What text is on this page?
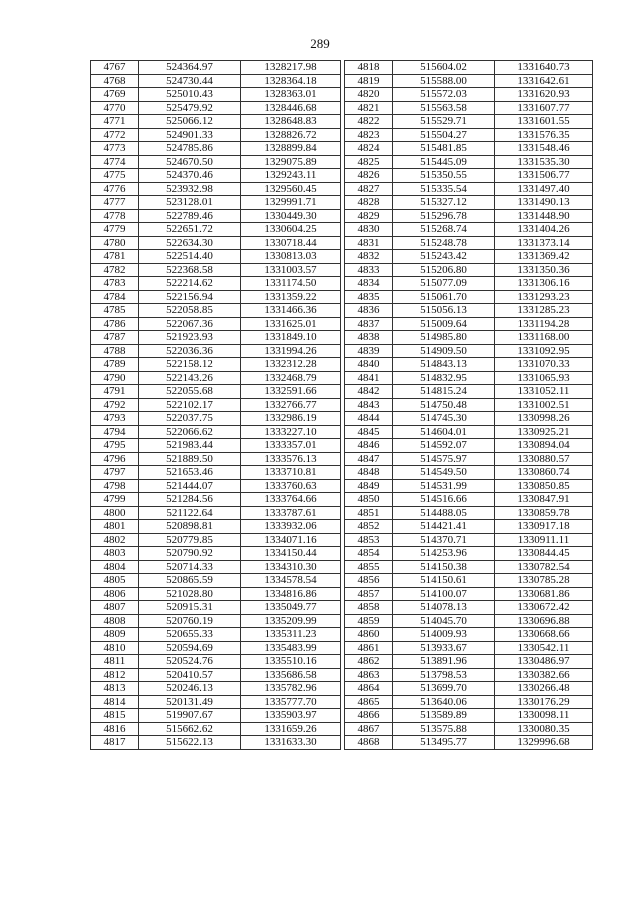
289
4767	524364.97	1328217.98
4768	524730.44	1328364.18
4769	525010.43	1328363.01
4770	525479.92	1328446.68
4771	525066.12	1328648.83
4772	524901.33	1328826.72
4773	524785.86	1328899.84
4774	524670.50	1329075.89
4775	524370.46	1329243.11
4776	523932.98	1329560.45
4777	523128.01	1329991.71
4778	522789.46	1330449.30
4779	522651.72	1330604.25
4780	522634.30	1330718.44
4781	522514.40	1330813.03
4782	522368.58	1331003.57
4783	522214.62	1331174.50
4784	522156.94	1331359.22
4785	522058.85	1331466.36
4786	522067.36	1331625.01
4787	521923.93	1331849.10
4788	522036.36	1331994.26
4789	522158.12	1332312.28
4790	522143.26	1332468.79
4791	522055.68	1332591.66
4792	522102.17	1332766.77
4793	522037.75	1332986.19
4794	522066.62	1333227.10
4795	521983.44	1333357.01
4796	521889.50	1333576.13
4797	521653.46	1333710.81
4798	521444.07	1333760.63
4799	521284.56	1333764.66
4800	521122.64	1333787.61
4801	520898.81	1333932.06
4802	520779.85	1334071.16
4803	520790.92	1334150.44
4804	520714.33	1334310.30
4805	520865.59	1334578.54
4806	521028.80	1334816.86
4807	520915.31	1335049.77
4808	520760.19	1335209.99
4809	520655.33	1335311.23
4810	520594.69	1335483.99
4811	520524.76	1335510.16
4812	520410.57	1335686.58
4813	520246.13	1335782.96
4814	520131.49	1335777.70
4815	519907.67	1335903.97
4816	515662.62	1331659.26
4817	515622.13	1331633.30
4818	515604.02	1331640.73
4819	515588.00	1331642.61
4820	515572.03	1331620.93
4821	515563.58	1331607.77
4822	515529.71	1331601.55
4823	515504.27	1331576.35
4824	515481.85	1331548.46
4825	515445.09	1331535.30
4826	515350.55	1331506.77
4827	515335.54	1331497.40
4828	515327.12	1331490.13
4829	515296.78	1331448.90
4830	515268.74	1331404.26
4831	515248.78	1331373.14
4832	515243.42	1331369.42
4833	515206.80	1331350.36
4834	515077.09	1331306.16
4835	515061.70	1331293.23
4836	515056.13	1331285.23
4837	515009.64	1331194.28
4838	514985.80	1331168.00
4839	514909.50	1331092.95
4840	514843.13	1331070.33
4841	514832.95	1331065.93
4842	514815.24	1331052.11
4843	514750.48	1331002.51
4844	514745.30	1330998.26
4845	514604.01	1330925.21
4846	514592.07	1330894.04
4847	514575.97	1330880.57
4848	514549.50	1330860.74
4849	514531.99	1330850.85
4850	514516.66	1330847.91
4851	514488.05	1330859.78
4852	514421.41	1330917.18
4853	514370.71	1330911.11
4854	514253.96	1330844.45
4855	514150.38	1330782.54
4856	514150.61	1330785.28
4857	514100.07	1330681.86
4858	514078.13	1330672.42
4859	514045.70	1330696.88
4860	514009.93	1330668.66
4861	513933.67	1330542.11
4862	513891.96	1330486.97
4863	513798.53	1330382.66
4864	513699.70	1330266.48
4865	513640.06	1330176.29
4866	513589.89	1330098.11
4867	513575.88	1330080.35
4868	513495.77	1329996.68
